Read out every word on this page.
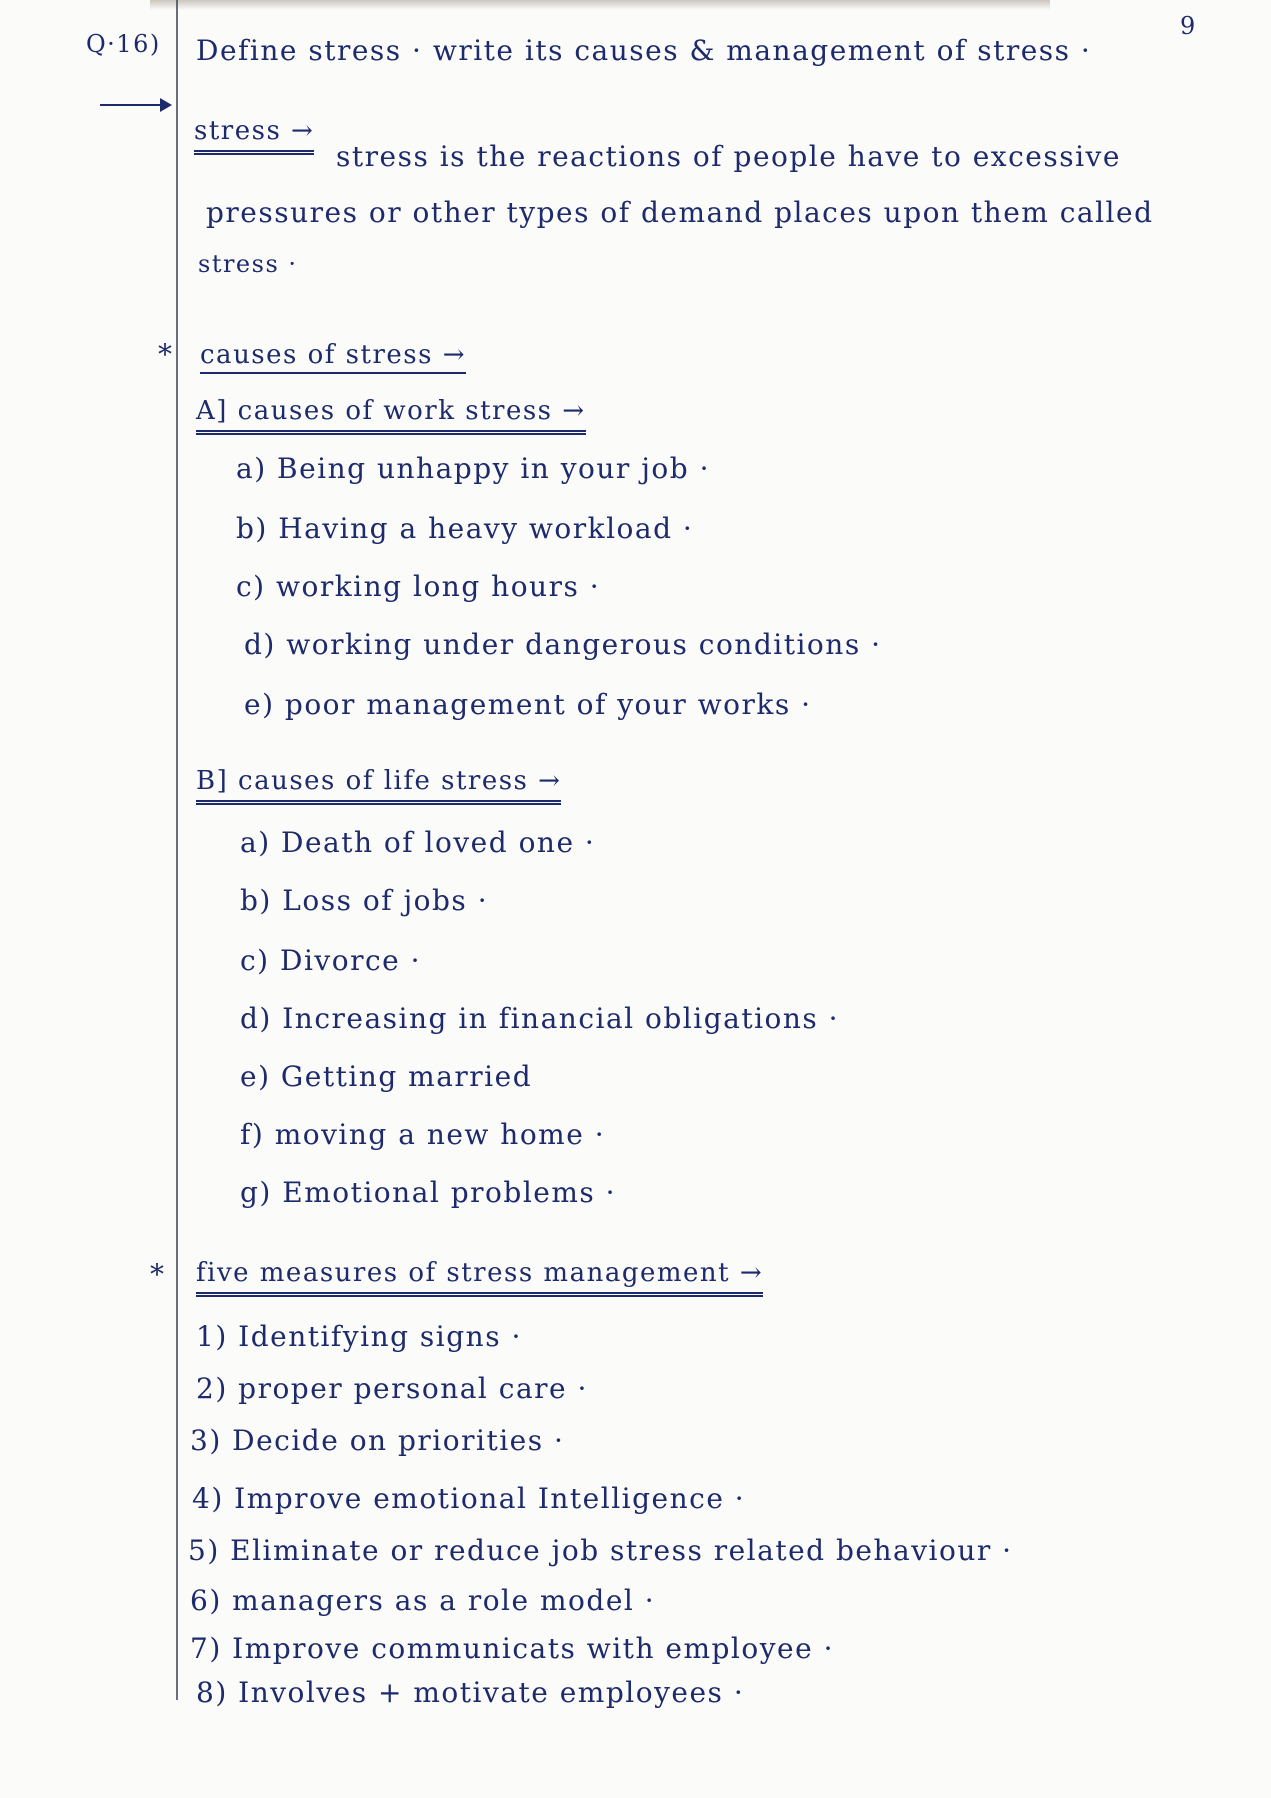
9
Q·16) Define stress · write its causes & management of stress ·
stress →
stress is the reactions of people have to excessive
pressures or other types of demand places upon them called
stress ·
* causes of stress →
A] causes of work stress →
a) Being unhappy in your job ·
b) Having a heavy workload ·
c) working long hours ·
d) working under dangerous conditions ·
e) poor management of your works ·
B] causes of life stress →
a) Death of loved one ·
b) Loss of jobs ·
c) Divorce ·
d) Increasing in financial obligations ·
e) Getting married
f) moving a new home ·
g) Emotional problems ·
* five measures of stress management →
1) Identifying signs ·
2) proper personal care ·
3) Decide on priorities ·
4) Improve emotional Intelligence ·
5) Eliminate or reduce job stress related behaviour ·
6) managers as a role model ·
7) Improve communicats with employee ·
8) Involves + motivate employees ·
